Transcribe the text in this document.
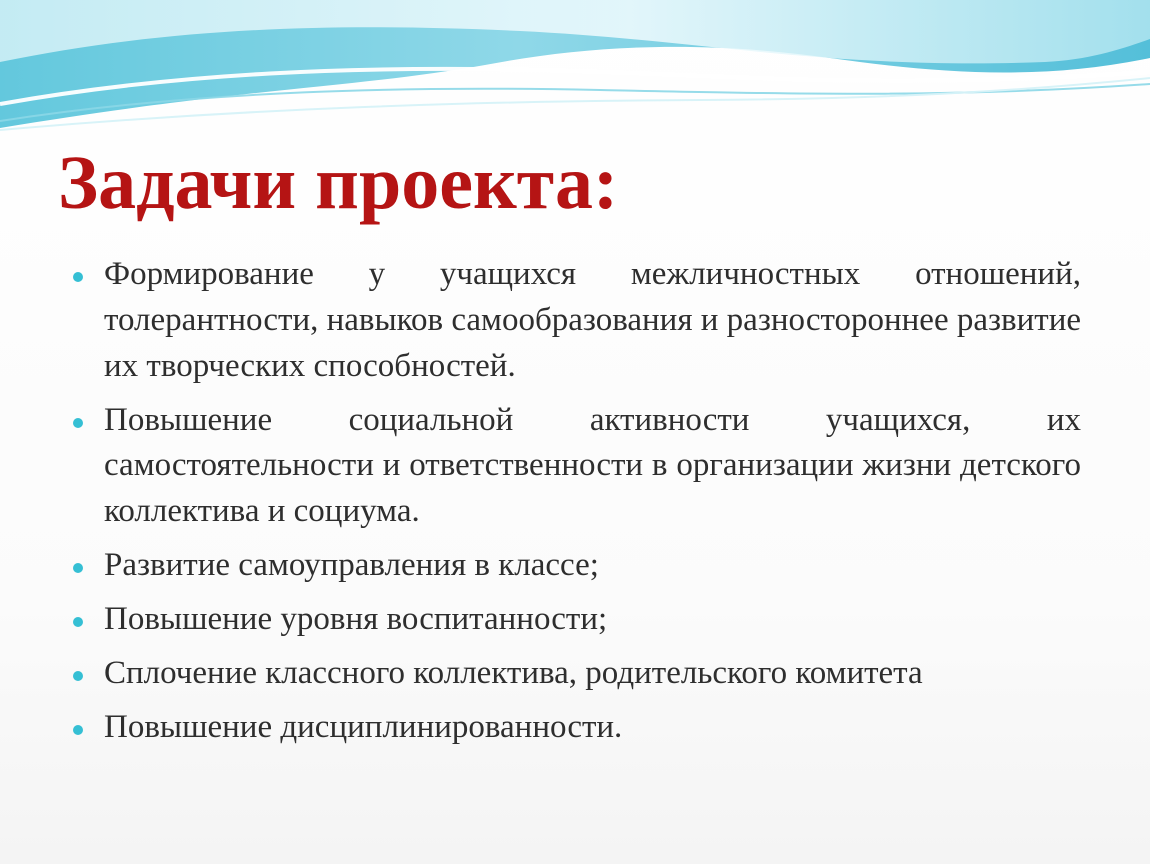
Задачи проекта:
Формирование у учащихся межличностных отношений, толерантности, навыков самообразования и разностороннее развитие их творческих способностей.
Повышение социальной активности учащихся, их самостоятельности и ответственности в организации жизни детского коллектива и социума.
Развитие самоуправления в классе;
Повышение уровня воспитанности;
Сплочение классного коллектива, родительского комитета
Повышение дисциплинированности.
